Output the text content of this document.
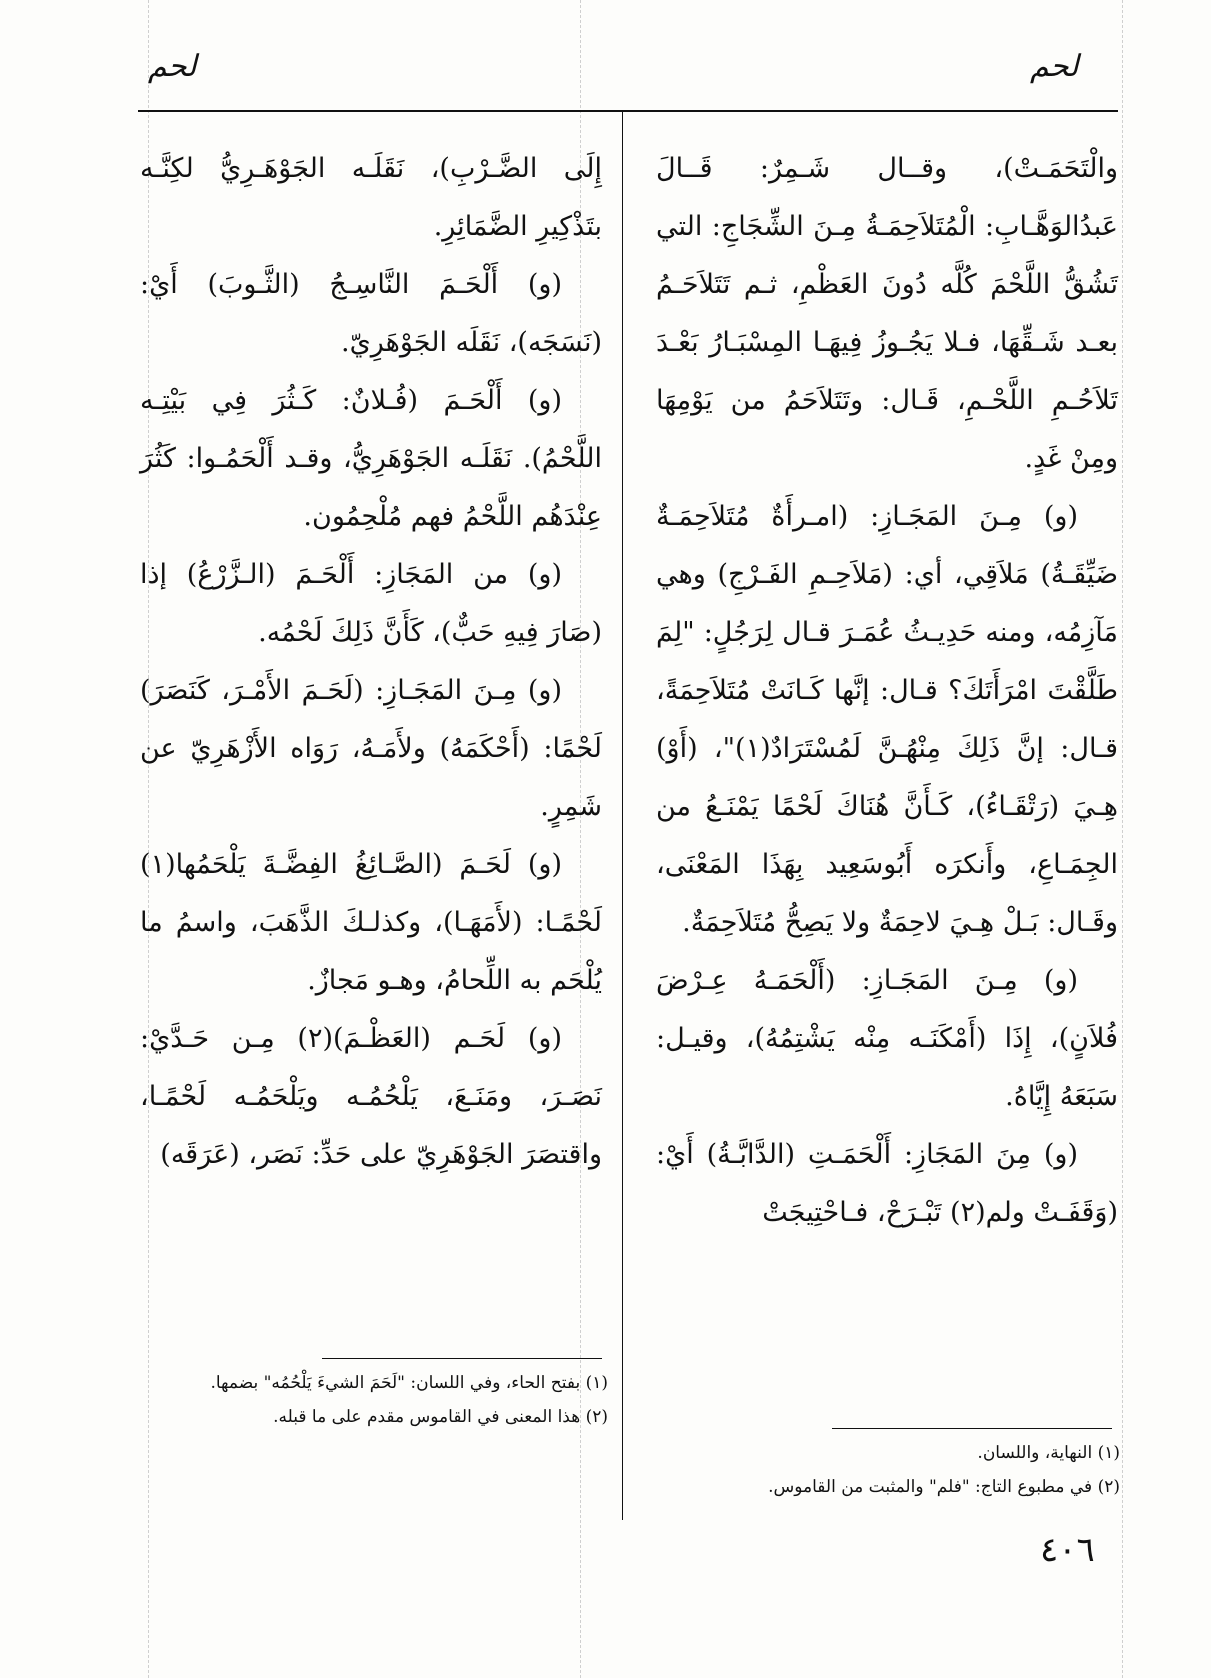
لحم
لحم

والْتَحَمَـتْ)، وقــال شَـمِرٌ: قَــالَ عَبدُالوَهَّـابِ: الْمُتَلاَحِمَـةُ مِـنَ الشِّجَاجِ: التي تَشُقُّ اللَّحْمَ كُلَّه دُونَ العَظْمِ، ثـم تَتَلاَحَـمُ بعـد شَـقِّهَا، فـلا يَجُـوزُ فِيهَـا المِسْبَـارُ بَعْـدَ تَلاَحُـمِ اللَّحْـمِ، قَـال: وتَتَلاَحَمُ من يَوْمِهَا ومِنْ غَدٍ.

(و) مِـنَ المَجَـازِ: (امـرأَةٌ مُتَلاَحِمَـةٌ ضَيِّقَـةُ) مَلاَقِي، أي: (مَلاَحِـمِ الفَـرْجِ) وهي مَآزِمُه، ومنه حَدِيـثُ عُمَـرَ قـال لِرَجُلٍ: "لِمَ طَلَّقْتَ امْرَأَتَكَ؟ قـال: إنَّها كَـانَتْ مُتَلاَحِمَةً، قـال: إنَّ ذَلِكَ مِنْهُـنَّ لَمُسْتَرَادٌ(١)"، (أَوْ) هِـيَ (رَتْقَـاءُ)، كَـأَنَّ هُنَاكَ لَحْمًا يَمْنَـعُ من الجِمَـاعِ، وأَنكرَه أَبُوسَعِيد بِهَذَا المَعْنَى، وقَـال: بَـلْ هِـيَ لاحِمَةٌ ولا يَصِحُّ مُتَلاَحِمَةٌ.

(و) مِـنَ المَجَـازِ: (أَلْحَمَـهُ عِـرْضَ فُلاَنٍ)، إِذَا (أَمْكَنَـه مِنْه يَشْتِمُهُ)، وقيـل: سَبَعَهُ إِيَّاهُ.

(و) مِنَ المَجَازِ: أَلْحَمَـتِ (الدَّابَّـةُ) أَيْ: (وَقَفَـتْ ولم(٢) تَبْـرَحْ، فـاحْتِيجَتْ

إِلَى الضَّـرْبِ)، نَقَلَـه الجَوْهَـرِيُّ لكِنَّـه بتَذْكِيرِ الضَّمَائِرِ.

(و) أَلْحَـمَ النَّاسِـجُ (الثَّـوبَ) أَيْ: (نَسَجَه)، نَقَلَه الجَوْهَرِيّ.

(و) أَلْحَـمَ (فُـلانٌ: كَـثُرَ فِي بَيْتِـه اللَّحْمُ). نَقَلَـه الجَوْهَرِيُّ، وقـد أَلْحَمُـوا: كَثُرَ عِنْدَهُم اللَّحْمُ فهم مُلْحِمُون.

(و) من المَجَازِ: أَلْحَـمَ (الـزَّرْعُ) إذا (صَارَ فِيهِ حَبٌّ)، كَأَنَّ ذَلِكَ لَحْمُه.

(و) مِـنَ المَجَـازِ: (لَحَـمَ الأَمْـرَ، كَنَصَرَ) لَحْمًا: (أَحْكَمَهُ) ولأَمَـهُ، رَوَاه الأَزْهَرِيّ عن شَمِرٍ.

(و) لَحَـمَ (الصَّـائِغُ الفِضَّـةَ يَلْحَمُها(١) لَحْمًـا: (لأَمَهَـا)، وكذلـكَ الذَّهَبَ، واسمُ ما يُلْحَم به اللِّحامُ، وهـو مَجازٌ.

(و) لَحَـم (العَظْـمَ)(٢) مِـن حَـدَّيْ: نَصَـرَ، ومَنَـعَ، يَلْحُمُـه ويَلْحَمُـه لَحْمًـا، واقتصَرَ الجَوْهَرِيّ على حَدِّ: نَصَر، (عَرَقَه)

(١) النهاية، واللسان.

(٢) في مطبوع التاج: "فلم" والمثبت من القاموس.

(١) بفتح الحاء، وفي اللسان: "لَحَمَ الشيءَ يَلْحُمُه" بضمها.

(٢) هذا المعنى في القاموس مقدم على ما قبله.

٤٠٦
